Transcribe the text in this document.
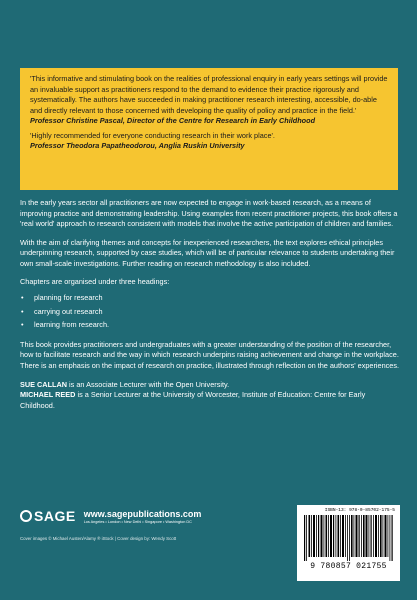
'This informative and stimulating book on the realities of professional enquiry in early years settings will provide an invaluable support as practitioners respond to the demand to evidence their practice rigorously and systematically. The authors have succeeded in making practitioner research interesting, accessible, do-able and directly relevant to those concerned with developing the quality of policy and practice in the field.'

Professor Christine Pascal, Director of the Centre for Research in Early Childhood

'Highly recommended for everyone conducting research in their work place'.

Professor Theodora Papatheodorou, Anglia Ruskin University

In the early years sector all practitioners are now expected to engage in work-based research, as a means of improving practice and demonstrating leadership. Using examples from recent practitioner projects, this book offers a 'real world' approach to research consistent with models that involve the active participation of children and families.

With the aim of clarifying themes and concepts for inexperienced researchers, the text explores ethical principles underpinning research, supported by case studies, which will be of particular relevance to students undertaking their own small-scale investigations. Further reading on research methodology is also included.

Chapters are organised under three headings:

• planning for research
• carrying out research
• learning from research.

This book provides practitioners and undergraduates with a greater understanding of the position of the researcher, how to facilitate research and the way in which research underpins raising achievement and change in the workplace. There is an emphasis on the impact of research on practice, illustrated through reflection on the authors' experiences.

SUE CALLAN is an Associate Lecturer with the Open University.

MICHAEL REED is a Senior Lecturer at the University of Worcester, Institute of Education: Centre for Early Childhood.

SAGE www.sagepublications.com
Los Angeles • London • New Delhi • Singapore • Washington DC
Cover images © Michael Austen/Alamy ® iStock | Cover design by: Wendy Scott
ISBN-13: 978-0-85702-175-5
9 780857 021755
